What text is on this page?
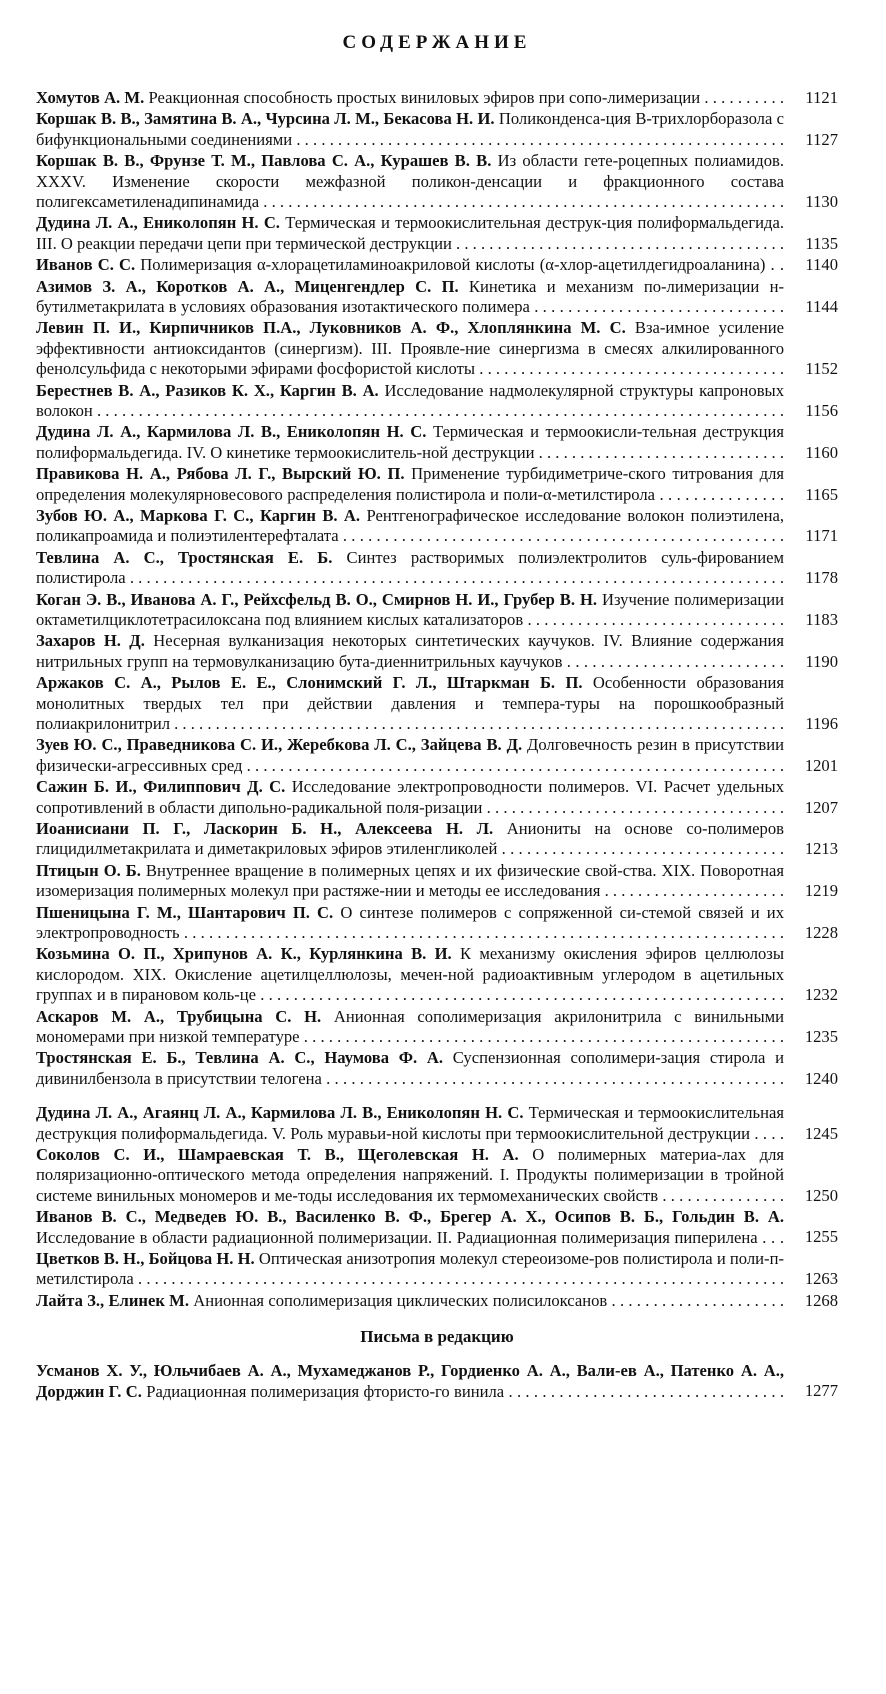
СОДЕРЖАНИЕ
Хомутов А. М. Реакционная способность простых виниловых эфиров при сопо-лимеризации . . .	1121
Коршак В. В., Замятина В. А., Чурсина Л. М., Бекасова Н. И. Поликонденса-ция В-трихлорборазола с бифункциональными соединениями . . .	1127
Коршак В. В., Фрунзе Т. М., Павлова С. А., Курашев В. В. Из области гете-роцепных полиамидов. XXXV. Изменение скорости межфазной поликон-денсации и фракционного состава полигексаметиленадипинамида . . .	1130
Дудина Л. А., Ениколопян Н. С. Термическая и термоокислительная деструк-ция полиформальдегида. III. О реакции передачи цепи при термической деструкции . . .	1135
Иванов С. С. Полимеризация α-хлорацетиламиноакриловой кислоты (α-хлор-ацетилдегидроаланина) . . .	1140
Азимов З. А., Коротков А. А., Миценгендлер С. П. Кинетика и механизм по-лимеризации н-бутилметакрилата в условиях образования изотактического полимера . . .	1144
Левин П. И., Кирпичников П.А., Луковников А. Ф., Хлоплянкина М. С. Вза-имное усиление эффективности антиоксидантов (синергизм). III. Проявле-ние синергизма в смесях алкилированного фенолсульфида с некоторыми эфирами фосфористой кислоты . . .	1152
Берестнев В. А., Разиков К. Х., Каргин В. А. Исследование надмолекулярной структуры капроновых волокон . . .	1156
Дудина Л. А., Кармилова Л. В., Ениколопян Н. С. Термическая и термоокисли-тельная деструкция полиформальдегида. IV. О кинетике термоокислитель-ной деструкции . . .	1160
Правикова Н. А., Рябова Л. Г., Вырский Ю. П. Применение турбидиметриче-ского титрования для определения молекулярновесового распределения полистирола и поли-α-метилстирола . . .	1165
Зубов Ю. А., Маркова Г. С., Каргин В. А. Рентгенографическое исследование волокон полиэтилена, поликапроамида и полиэтилентерефталата . . .	1171
Тевлина А. С., Тростянская Е. Б. Синтез растворимых полиэлектролитов суль-фированием полистирола . . .	1178
Коган Э. В., Иванова А. Г., Рейхсфельд В. О., Смирнов Н. И., Грубер В. Н. Изучение полимеризации октаметилциклотетрасилоксана под влиянием кислых катализаторов . . .	1183
Захаров Н. Д. Несерная вулканизация некоторых синтетических каучуков. IV. Влияние содержания нитрильных групп на термовулканизацию бута-диеннитрильных каучуков . . .	1190
Аржаков С. А., Рылов Е. Е., Слонимский Г. Л., Штаркман Б. П. Особенности образования монолитных твердых тел при действии давления и темпера-туры на порошкообразный полиакрилонитрил . . .	1196
Зуев Ю. С., Праведникова С. И., Жеребкова Л. С., Зайцева В. Д. Долговечность резин в присутствии физически-агрессивных сред . . .	1201
Сажин Б. И., Филиппович Д. С. Исследование электропроводности полимеров. VI. Расчет удельных сопротивлений в области дипольно-радикальной поля-ризации . . .	1207
Иоанисиани П. Г., Ласкорин Б. Н., Алексеева Н. Л. Аниониты на основе со-полимеров глицидилметакрилата и диметакриловых эфиров этиленгликолей . . .	1213
Птицын О. Б. Внутреннее вращение в полимерных цепях и их физические свой-ства. XIX. Поворотная изомеризация полимерных молекул при растяже-нии и методы ее исследования . . .	1219
Пшеницына Г. М., Шантарович П. С. О синтезе полимеров с сопряженной си-стемой связей и их электропроводность . . .	1228
Козьмина О. П., Хрипунов А. К., Курлянкина В. И. К механизму окисления эфиров целлюлозы кислородом. XIX. Окисление ацетилцеллюлозы, мечен-ной радиоактивным углеродом в ацетильных группах и в пирановом коль-це . . .	1232
Аскаров М. А., Трубицына С. Н. Анионная сополимеризация акрилонитрила с винильными мономерами при низкой температуре . . .	1235
Тростянская Е. Б., Тевлина А. С., Наумова Ф. А. Суспензионная сополимери-зация стирола и дивинилбензола в присутствии телогена . . .	1240
Дудина Л. А., Агаянц Л. А., Кармилова Л. В., Ениколопян Н. С. Термическая и термоокислительная деструкция полиформальдегида. V. Роль муравьи-ной кислоты при термоокислительной деструкции . . .	1245
Соколов С. И., Шамраевская Т. В., Щеголевская Н. А. О полимерных материа-лах для поляризационно-оптического метода определения напряжений. I. Продукты полимеризации в тройной системе винильных мономеров и ме-тоды исследования их термомеханических свойств . . .	1250
Иванов В. С., Медведев Ю. В., Василенко В. Ф., Брегер А. Х., Осипов В. Б., Гольдин В. А. Исследование в области радиационной полимеризации. II. Радиационная полимеризация пиперилена . . .	1255
Цветков В. Н., Бойцова Н. Н. Оптическая анизотропия молекул стереоизоме-ров полистирола и поли-п-метилстирола . . .	1263
Лайта З., Елинек М. Анионная сополимеризация циклических полисилоксанов . . .	1268
Письма в редакцию
Усманов Х. У., Юльчибаев А. А., Мухамеджанов Р., Гордиенко А. А., Вали-ев А., Патенко А. А., Дорджин Г. С. Радиационная полимеризация фтористо-го винила . . .	1277
